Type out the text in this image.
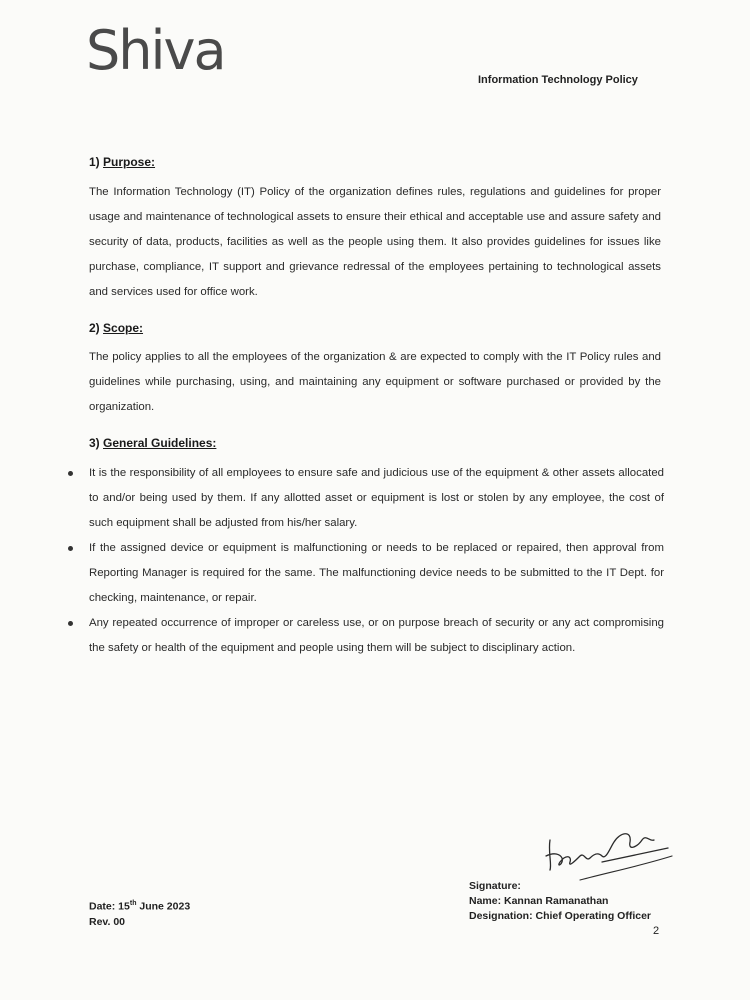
Shiva	Information Technology Policy
1) Purpose:
The Information Technology (IT) Policy of the organization defines rules, regulations and guidelines for proper usage and maintenance of technological assets to ensure their ethical and acceptable use and assure safety and security of data, products, facilities as well as the people using them. It also provides guidelines for issues like purchase, compliance, IT support and grievance redressal of the employees pertaining to technological assets and services used for office work.
2) Scope:
The policy applies to all the employees of the organization & are expected to comply with the IT Policy rules and guidelines while purchasing, using, and maintaining any equipment or software purchased or provided by the organization.
3) General Guidelines:
It is the responsibility of all employees to ensure safe and judicious use of the equipment & other assets allocated to and/or being used by them. If any allotted asset or equipment is lost or stolen by any employee, the cost of such equipment shall be adjusted from his/her salary.
If the assigned device or equipment is malfunctioning or needs to be replaced or repaired, then approval from Reporting Manager is required for the same. The malfunctioning device needs to be submitted to the IT Dept. for checking, maintenance, or repair.
Any repeated occurrence of improper or careless use, or on purpose breach of security or any act compromising the safety or health of the equipment and people using them will be subject to disciplinary action.
Signature:
Name: Kannan Ramanathan
Designation: Chief Operating Officer
Date: 15th June 2023
Rev. 00
2
